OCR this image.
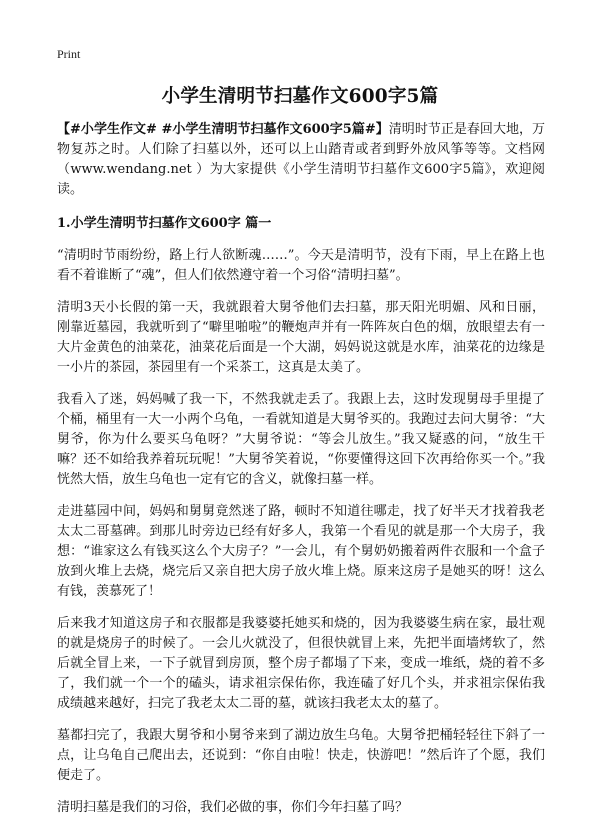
Print
小学生清明节扫墓作文600字5篇

【#小学生作文# #小学生清明节扫墓作文600字5篇#】清明时节正是春回大地，万物复苏之时。人们除了扫墓以外，还可以上山踏青或者到野外放风筝等等。文档网（www.wendang.net ）为大家提供《小学生清明节扫墓作文600字5篇》，欢迎阅读。

1.小学生清明节扫墓作文600字 篇一

“清明时节雨纷纷，路上行人欲断魂……”。今天是清明节，没有下雨，早上在路上也看不着谁断了“魂”，但人们依然遵守着一个习俗“清明扫墓”。

清明3天小长假的第一天，我就跟着大舅爷他们去扫墓，那天阳光明媚、风和日丽，刚靠近墓园，我就听到了“噼里啪啦”的鞭炮声并有一阵阵灰白色的烟，放眼望去有一大片金黄色的油菜花，油菜花后面是一个大湖，妈妈说这就是水库，油菜花的边缘是一小片的茶园，茶园里有一个采茶工，这真是太美了。

我看入了迷，妈妈喊了我一下，不然我就走丢了。我跟上去，这时发现舅母手里提了个桶，桶里有一大一小两个乌龟，一看就知道是大舅爷买的。我跑过去问大舅爷：“大舅爷，你为什么要买乌龟呀？”大舅爷说：“等会儿放生。”我又疑惑的问，“放生干嘛？还不如给我养着玩玩呢！”大舅爷笑着说，“你要懂得这回下次再给你买一个。”我恍然大悟，放生乌龟也一定有它的含义，就像扫墓一样。

走进墓园中间，妈妈和舅舅竟然迷了路，顿时不知道往哪走，找了好半天才找着我老太太二哥墓碑。到那儿时旁边已经有好多人，我第一个看见的就是那一个大房子，我想：“谁家这么有钱买这么个大房子？”一会儿，有个舅奶奶搬着两件衣服和一个盒子放到火堆上去烧，烧完后又亲自把大房子放火堆上烧。原来这房子是她买的呀！这么有钱，羡慕死了！

后来我才知道这房子和衣服都是我婆婆托她买和烧的，因为我婆婆生病在家，最壮观的就是烧房子的时候了。一会儿火就没了，但很快就冒上来，先把半面墙烤软了，然后就全冒上来，一下子就冒到房顶，整个房子都塌了下来，变成一堆纸，烧的着不多了，我们就一个一个的磕头，请求祖宗保佑你，我连磕了好几个头，并求祖宗保佑我成绩越来越好，扫完了我老太太二哥的墓，就该扫我老太太的墓了。

墓都扫完了，我跟大舅爷和小舅爷来到了湖边放生乌龟。大舅爷把桶轻轻往下斜了一点，让乌龟自己爬出去，还说到：“你自由啦！快走，快游吧！”然后许了个愿，我们便走了。

清明扫墓是我们的习俗，我们必做的事，你们今年扫墓了吗？
